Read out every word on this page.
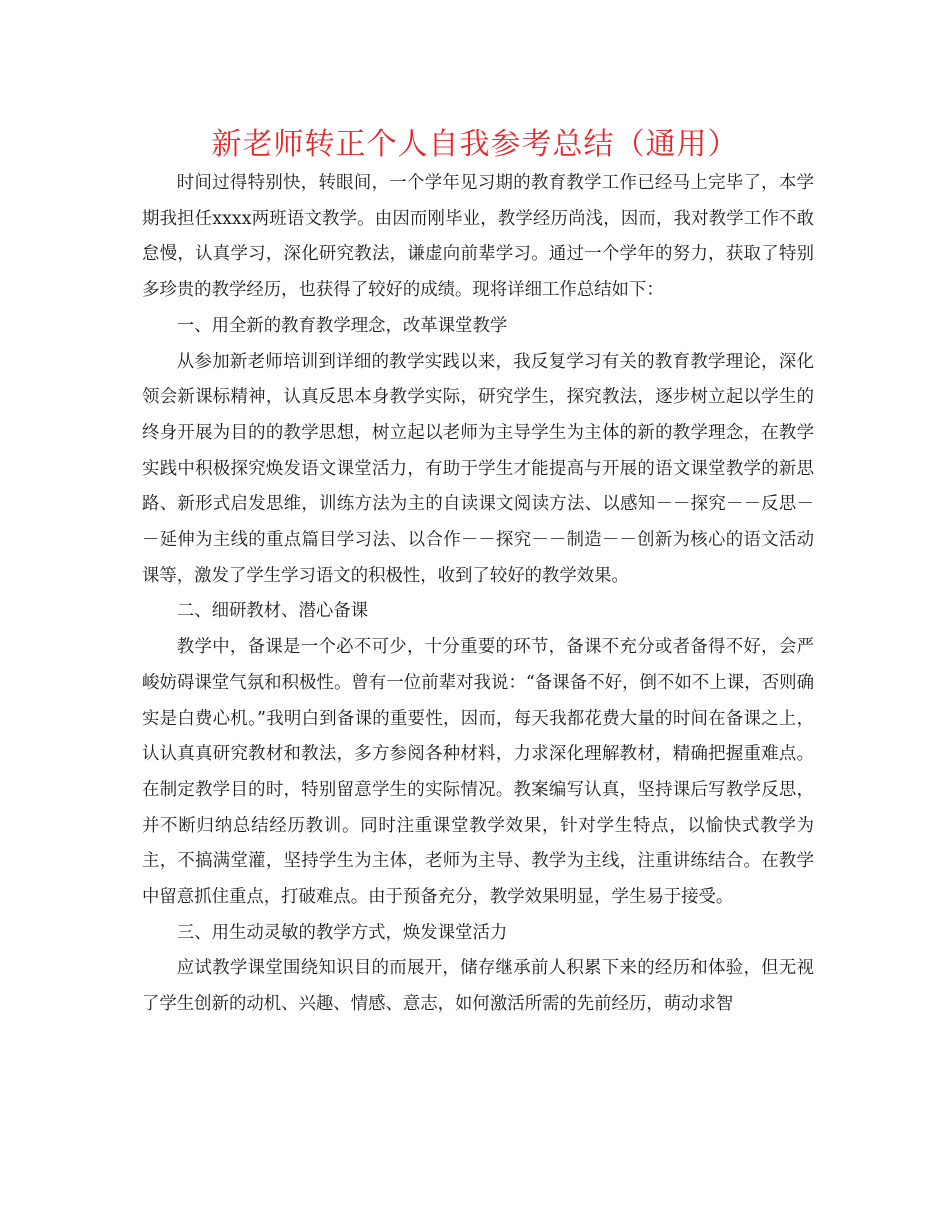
新老师转正个人自我参考总结（通用）

时间过得特别快，转眼间，一个学年见习期的教育教学工作已经马上完毕了，本学期我担任xxxx两班语文教学。由因而刚毕业，教学经历尚浅，因而，我对教学工作不敢怠慢，认真学习，深化研究教法，谦虚向前辈学习。通过一个学年的努力，获取了特别多珍贵的教学经历，也获得了较好的成绩。现将详细工作总结如下：

一、用全新的教育教学理念，改革课堂教学

从参加新老师培训到详细的教学实践以来，我反复学习有关的教育教学理论，深化领会新课标精神，认真反思本身教学实际，研究学生，探究教法，逐步树立起以学生的终身开展为目的的教学思想，树立起以老师为主导学生为主体的新的教学理念，在教学实践中积极探究焕发语文课堂活力，有助于学生才能提高与开展的语文课堂教学的新思路、新形式启发思维，训练方法为主的自读课文阅读方法、以感知－－探究－－反思－－延伸为主线的重点篇目学习法、以合作－－探究－－制造－－创新为核心的语文活动课等，激发了学生学习语文的积极性，收到了较好的教学效果。

二、细研教材、潜心备课

教学中，备课是一个必不可少，十分重要的环节，备课不充分或者备得不好，会严峻妨碍课堂气氛和积极性。曾有一位前辈对我说：“备课备不好，倒不如不上课，否则确实是白费心机。”我明白到备课的重要性，因而，每天我都花费大量的时间在备课之上，认认真真研究教材和教法，多方参阅各种材料，力求深化理解教材，精确把握重难点。在制定教学目的时，特别留意学生的实际情况。教案编写认真，坚持课后写教学反思，并不断归纳总结经历教训。同时注重课堂教学效果，针对学生特点，以愉快式教学为主，不搞满堂灌，坚持学生为主体，老师为主导、教学为主线，注重讲练结合。在教学中留意抓住重点，打破难点。由于预备充分，教学效果明显，学生易于接受。

三、用生动灵敏的教学方式，焕发课堂活力

应试教学课堂围绕知识目的而展开，储存继承前人积累下来的经历和体验，但无视了学生创新的动机、兴趣、情感、意志，如何激活所需的先前经历，萌动求智
